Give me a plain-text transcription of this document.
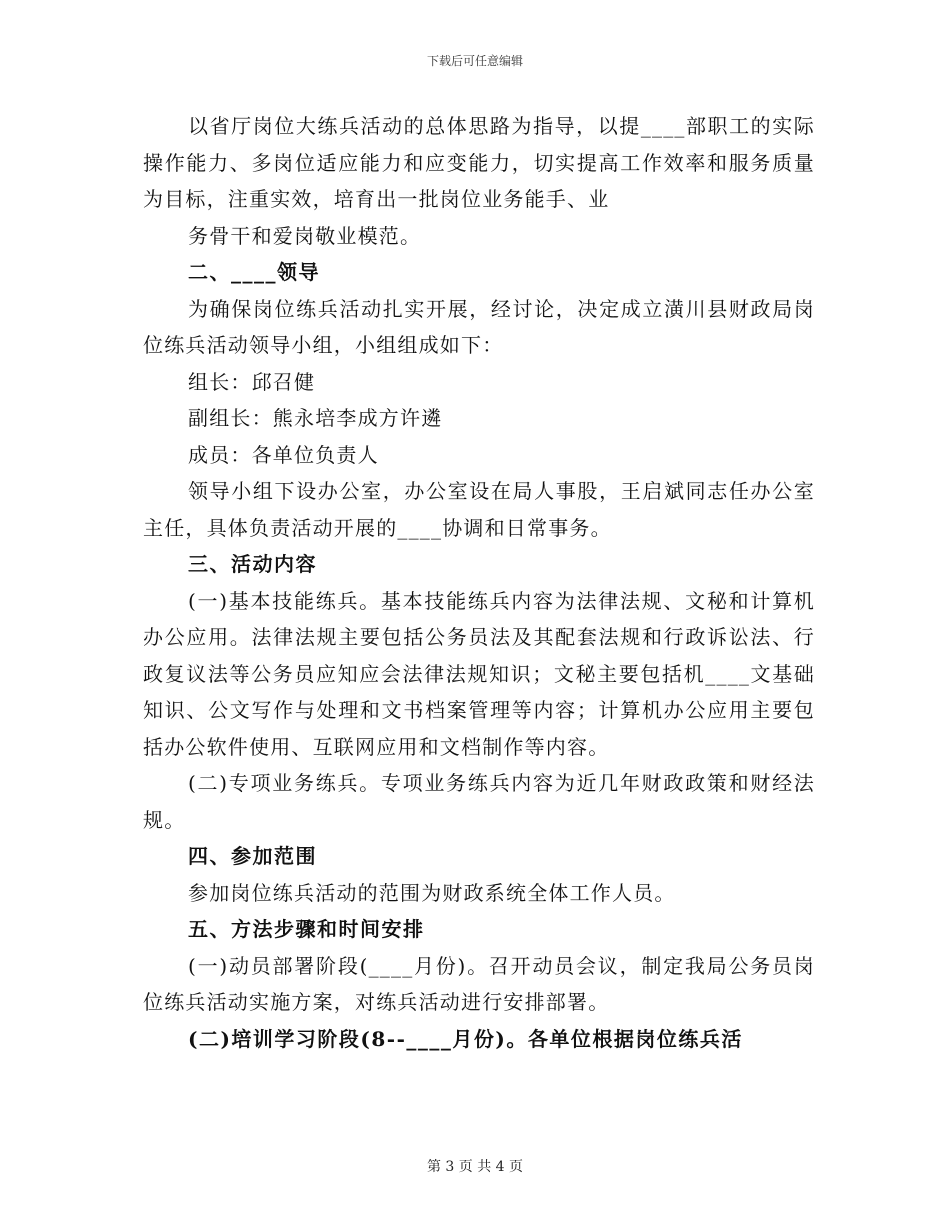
下载后可任意编辑

以省厅岗位大练兵活动的总体思路为指导，以提____部职工的实际操作能力、多岗位适应能力和应变能力，切实提高工作效率和服务质量为目标，注重实效，培育出一批岗位业务能手、业

务骨干和爱岗敬业模范。

二、____领导

为确保岗位练兵活动扎实开展，经讨论，决定成立潢川县财政局岗位练兵活动领导小组，小组组成如下：

组长：邱召健

副组长：熊永培李成方许遴

成员：各单位负责人

领导小组下设办公室，办公室设在局人事股，王启斌同志任办公室主任，具体负责活动开展的____协调和日常事务。

三、活动内容

(一)基本技能练兵。基本技能练兵内容为法律法规、文秘和计算机办公应用。法律法规主要包括公务员法及其配套法规和行政诉讼法、行政复议法等公务员应知应会法律法规知识；文秘主要包括机____文基础知识、公文写作与处理和文书档案管理等内容；计算机办公应用主要包括办公软件使用、互联网应用和文档制作等内容。

(二)专项业务练兵。专项业务练兵内容为近几年财政政策和财经法规。

四、参加范围

参加岗位练兵活动的范围为财政系统全体工作人员。

五、方法步骤和时间安排

(一)动员部署阶段(____月份)。召开动员会议，制定我局公务员岗位练兵活动实施方案，对练兵活动进行安排部署。

(二)培训学习阶段(8--____月份)。各单位根据岗位练兵活

第 3 页 共 4 页
